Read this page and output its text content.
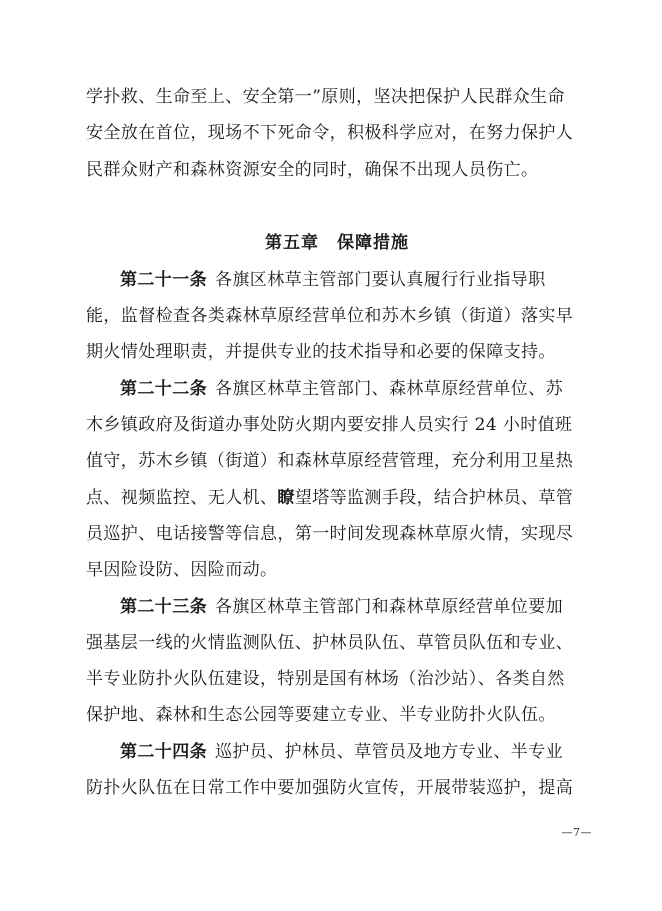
学扑救、生命至上、安全第一”原则，坚决把保护人民群众生命
安全放在首位，现场不下死命令，积极科学应对，在努力保护人
民群众财产和森林资源安全的同时，确保不出现人员伤亡。
第五章　保障措施
第二十一条 各旗区林草主管部门要认真履行行业指导职
能，监督检查各类森林草原经营单位和苏木乡镇（街道）落实早
期火情处理职责，并提供专业的技术指导和必要的保障支持。
第二十二条 各旗区林草主管部门、森林草原经营单位、苏
木乡镇政府及街道办事处防火期内要安排人员实行 24 小时值班
值守，苏木乡镇（街道）和森林草原经营管理，充分利用卫星热
点、视频监控、无人机、瞭望塔等监测手段，结合护林员、草管
员巡护、电话接警等信息，第一时间发现森林草原火情，实现尽
早因险设防、因险而动。
第二十三条 各旗区林草主管部门和森林草原经营单位要加
强基层一线的火情监测队伍、护林员队伍、草管员队伍和专业、
半专业防扑火队伍建设，特别是国有林场（治沙站）、各类自然
保护地、森林和生态公园等要建立专业、半专业防扑火队伍。
第二十四条 巡护员、护林员、草管员及地方专业、半专业
防扑火队伍在日常工作中要加强防火宣传，开展带装巡护，提高
—7—
